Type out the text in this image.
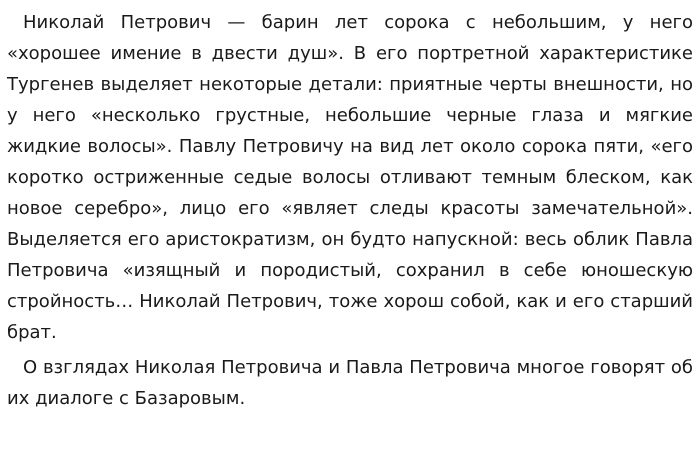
Николай Петрович — барин лет сорока с небольшим, у него «хорошее имение в двести душ». В его портретной характеристике Тургенев выделяет некоторые детали: приятные черты внешности, но у него «несколько грустные, небольшие черные глаза и мягкие жидкие волосы». Павлу Петровичу на вид лет около сорока пяти, «его коротко остриженные седые волосы отливают темным блеском, как новое серебро», лицо его «являет следы красоты замечательной». Выделяется его аристократизм, он будто напускной: весь облик Павла Петровича «изящный и породистый, сохранил в себе юношескую стройность… Николай Петрович, тоже хорош собой, как и его старший брат.

О взглядах Николая Петровича и Павла Петровича многое говорят об их диалоге с Базаровым.
